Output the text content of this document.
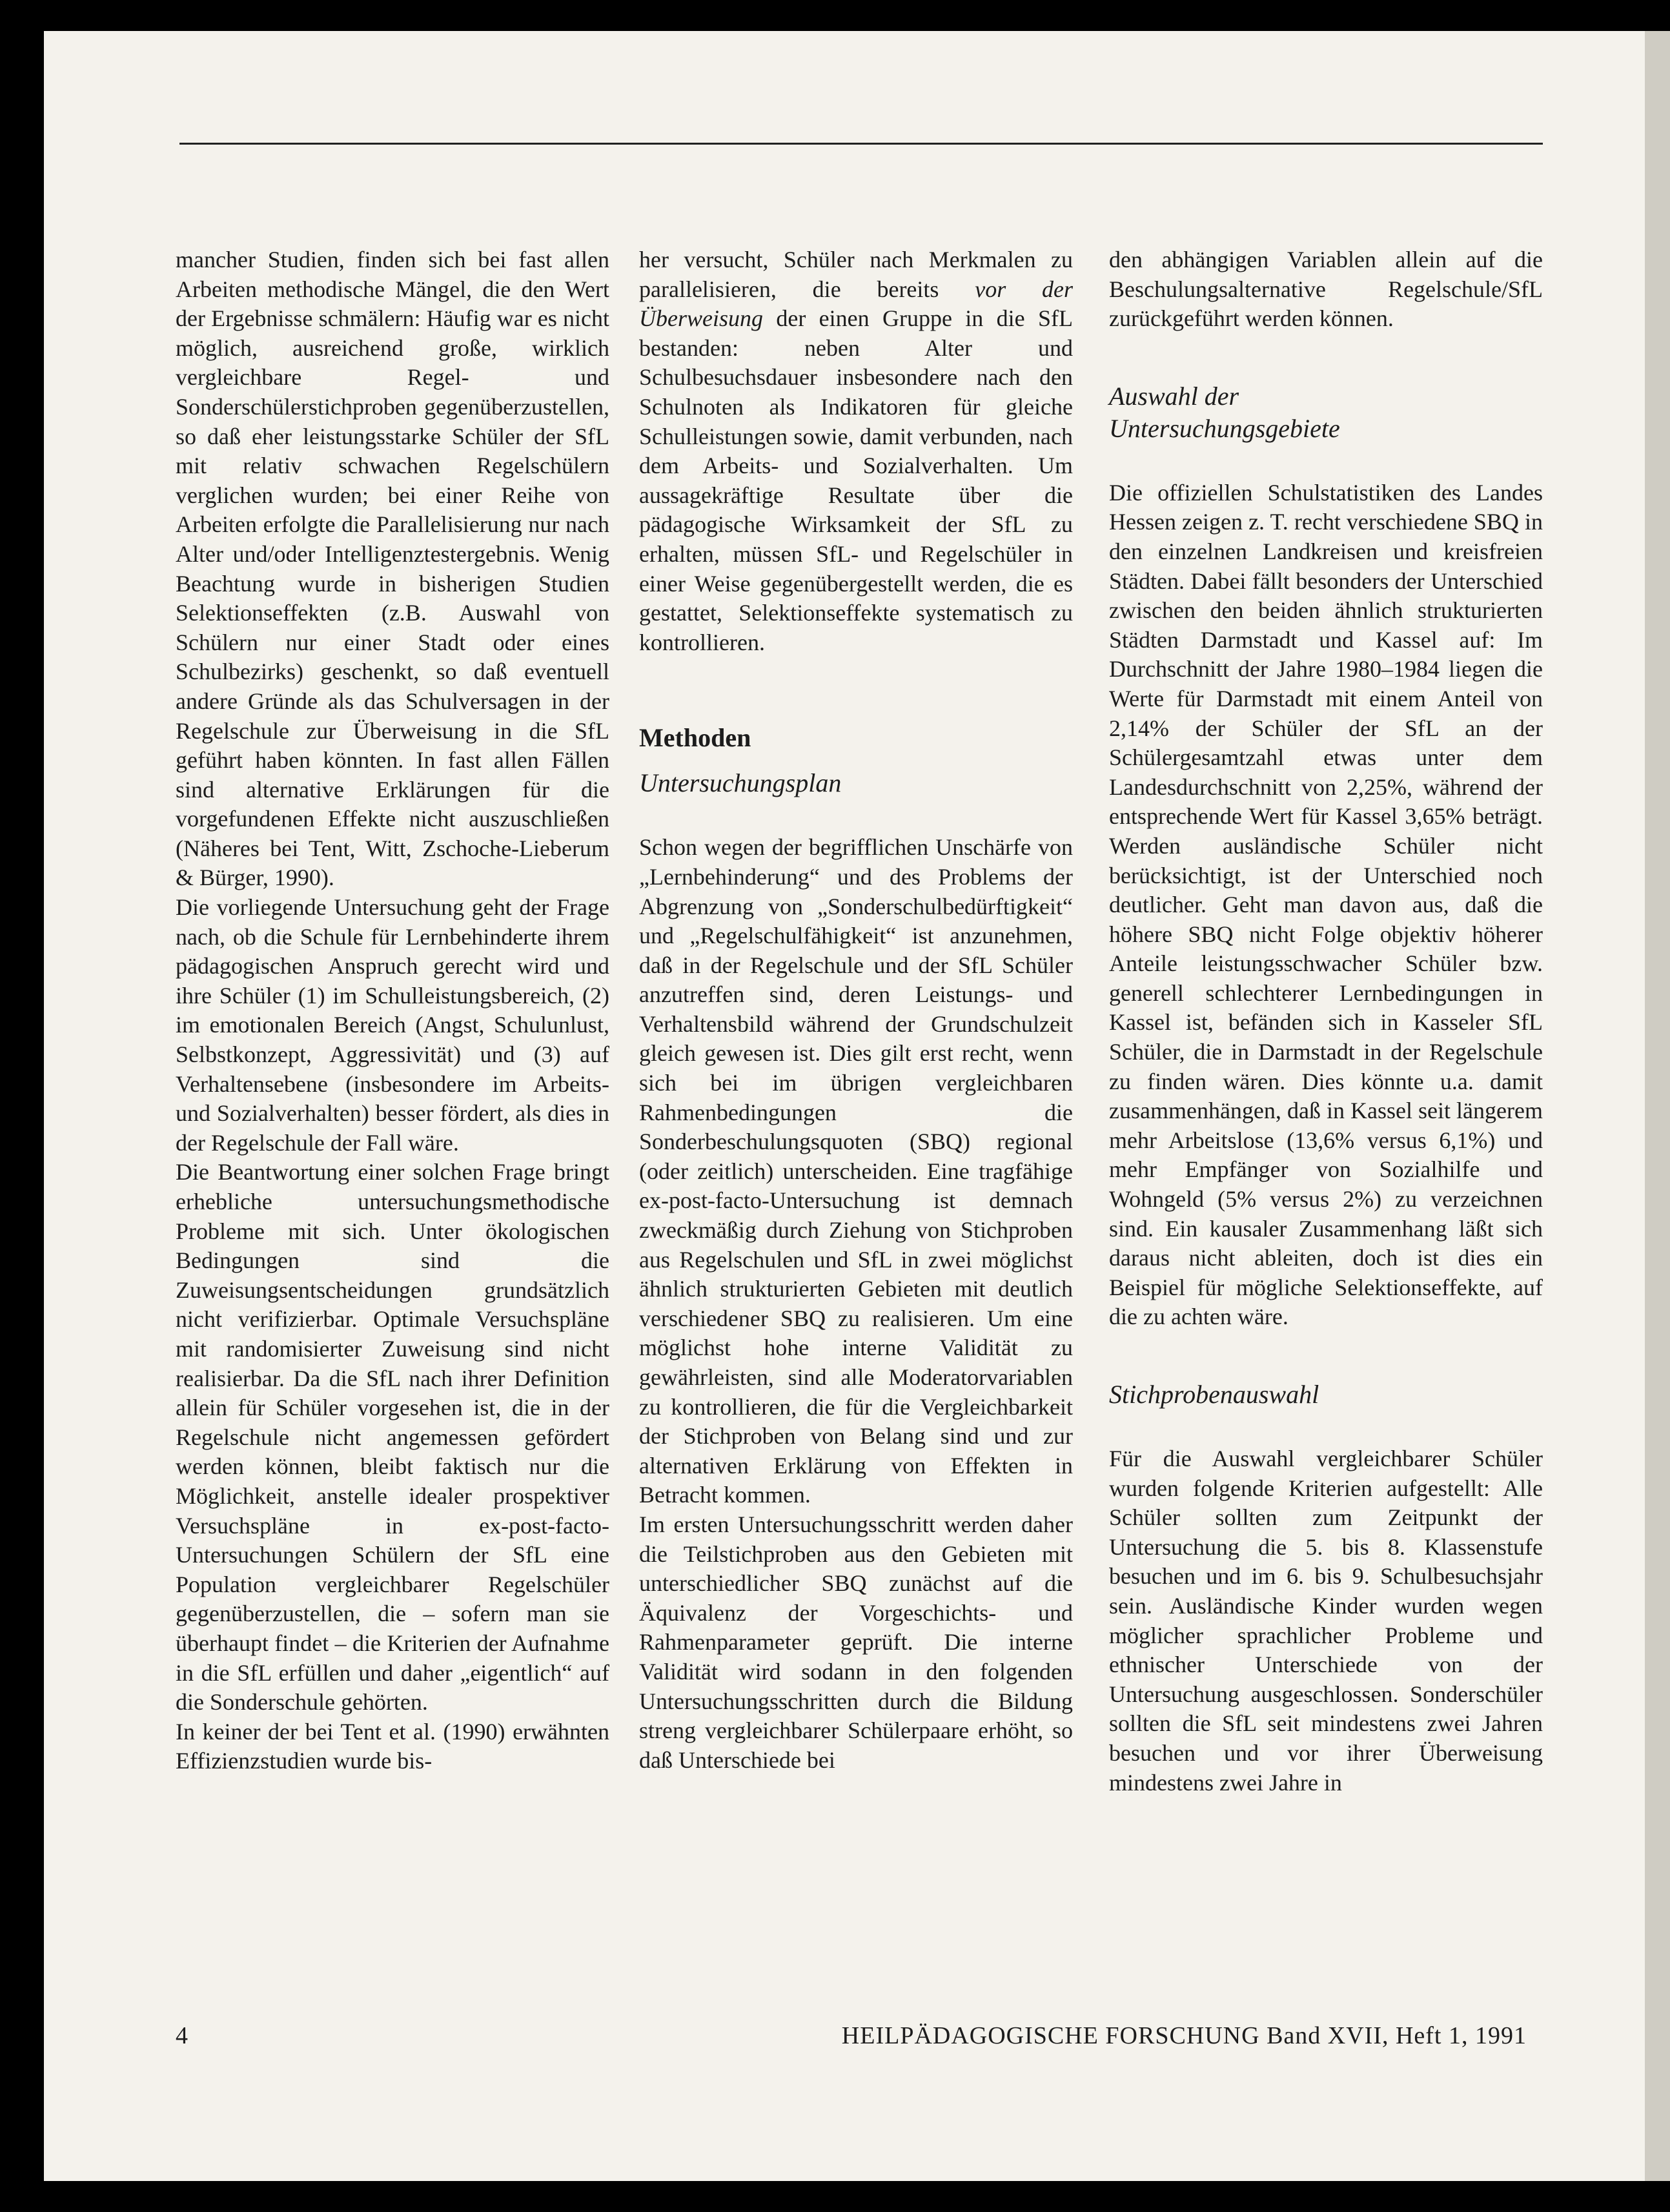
mancher Studien, finden sich bei fast allen Arbeiten methodische Mängel, die den Wert der Ergebnisse schmälern: Häufig war es nicht möglich, ausreichend große, wirklich vergleichbare Regel- und Sonderschülerstichproben gegenüberzustellen, so daß eher leistungsstarke Schüler der SfL mit relativ schwachen Regelschülern verglichen wurden; bei einer Reihe von Arbeiten erfolgte die Parallelisierung nur nach Alter und/oder Intelligenztestergebnis. Wenig Beachtung wurde in bisherigen Studien Selektionseffekten (z.B. Auswahl von Schülern nur einer Stadt oder eines Schulbezirks) geschenkt, so daß eventuell andere Gründe als das Schulversagen in der Regelschule zur Überweisung in die SfL geführt haben könnten. In fast allen Fällen sind alternative Erklärungen für die vorgefundenen Effekte nicht auszuschließen (Näheres bei Tent, Witt, Zschoche-Lieberum & Bürger, 1990).

Die vorliegende Untersuchung geht der Frage nach, ob die Schule für Lernbehinderte ihrem pädagogischen Anspruch gerecht wird und ihre Schüler (1) im Schulleistungsbereich, (2) im emotionalen Bereich (Angst, Schulunlust, Selbstkonzept, Aggressivität) und (3) auf Verhaltensebene (insbesondere im Arbeits- und Sozialverhalten) besser fördert, als dies in der Regelschule der Fall wäre.

Die Beantwortung einer solchen Frage bringt erhebliche untersuchungsmethodische Probleme mit sich. Unter ökologischen Bedingungen sind die Zuweisungsentscheidungen grundsätzlich nicht verifizierbar. Optimale Versuchspläne mit randomisierter Zuweisung sind nicht realisierbar. Da die SfL nach ihrer Definition allein für Schüler vorgesehen ist, die in der Regelschule nicht angemessen gefördert werden können, bleibt faktisch nur die Möglichkeit, anstelle idealer prospektiver Versuchspläne in ex-post-facto-Untersuchungen Schülern der SfL eine Population vergleichbarer Regelschüler gegenüberzustellen, die – sofern man sie überhaupt findet – die Kriterien der Aufnahme in die SfL erfüllen und daher „eigentlich“ auf die Sonderschule gehörten.

In keiner der bei Tent et al. (1990) erwähnten Effizienzstudien wurde bis-

her versucht, Schüler nach Merkmalen zu parallelisieren, die bereits vor der Überweisung der einen Gruppe in die SfL bestanden: neben Alter und Schulbesuchsdauer insbesondere nach den Schulnoten als Indikatoren für gleiche Schulleistungen sowie, damit verbunden, nach dem Arbeits- und Sozialverhalten. Um aussagekräftige Resultate über die pädagogische Wirksamkeit der SfL zu erhalten, müssen SfL- und Regelschüler in einer Weise gegenübergestellt werden, die es gestattet, Selektionseffekte systematisch zu kontrollieren.

Methoden
Untersuchungsplan

Schon wegen der begrifflichen Unschärfe von „Lernbehinderung“ und des Problems der Abgrenzung von „Sonderschulbedürftigkeit“ und „Regelschulfähigkeit“ ist anzunehmen, daß in der Regelschule und der SfL Schüler anzutreffen sind, deren Leistungs- und Verhaltensbild während der Grundschulzeit gleich gewesen ist. Dies gilt erst recht, wenn sich bei im übrigen vergleichbaren Rahmenbedingungen die Sonderbeschulungsquoten (SBQ) regional (oder zeitlich) unterscheiden. Eine tragfähige ex-post-facto-Untersuchung ist demnach zweckmäßig durch Ziehung von Stichproben aus Regelschulen und SfL in zwei möglichst ähnlich strukturierten Gebieten mit deutlich verschiedener SBQ zu realisieren. Um eine möglichst hohe interne Validität zu gewährleisten, sind alle Moderatorvariablen zu kontrollieren, die für die Vergleichbarkeit der Stichproben von Belang sind und zur alternativen Erklärung von Effekten in Betracht kommen.

Im ersten Untersuchungsschritt werden daher die Teilstichproben aus den Gebieten mit unterschiedlicher SBQ zunächst auf die Äquivalenz der Vorgeschichts- und Rahmenparameter geprüft. Die interne Validität wird sodann in den folgenden Untersuchungsschritten durch die Bildung streng vergleichbarer Schülerpaare erhöht, so daß Unterschiede bei

den abhängigen Variablen allein auf die Beschulungsalternative Regelschule/SfL zurückgeführt werden können.

Auswahl der
Untersuchungsgebiete

Die offiziellen Schulstatistiken des Landes Hessen zeigen z. T. recht verschiedene SBQ in den einzelnen Landkreisen und kreisfreien Städten. Dabei fällt besonders der Unterschied zwischen den beiden ähnlich strukturierten Städten Darmstadt und Kassel auf: Im Durchschnitt der Jahre 1980–1984 liegen die Werte für Darmstadt mit einem Anteil von 2,14% der Schüler der SfL an der Schülergesamtzahl etwas unter dem Landesdurchschnitt von 2,25%, während der entsprechende Wert für Kassel 3,65% beträgt. Werden ausländische Schüler nicht berücksichtigt, ist der Unterschied noch deutlicher. Geht man davon aus, daß die höhere SBQ nicht Folge objektiv höherer Anteile leistungsschwacher Schüler bzw. generell schlechterer Lernbedingungen in Kassel ist, befänden sich in Kasseler SfL Schüler, die in Darmstadt in der Regelschule zu finden wären. Dies könnte u.a. damit zusammenhängen, daß in Kassel seit längerem mehr Arbeitslose (13,6% versus 6,1%) und mehr Empfänger von Sozialhilfe und Wohngeld (5% versus 2%) zu verzeichnen sind. Ein kausaler Zusammenhang läßt sich daraus nicht ableiten, doch ist dies ein Beispiel für mögliche Selektionseffekte, auf die zu achten wäre.

Stichprobenauswahl

Für die Auswahl vergleichbarer Schüler wurden folgende Kriterien aufgestellt: Alle Schüler sollten zum Zeitpunkt der Untersuchung die 5. bis 8. Klassenstufe besuchen und im 6. bis 9. Schulbesuchsjahr sein. Ausländische Kinder wurden wegen möglicher sprachlicher Probleme und ethnischer Unterschiede von der Untersuchung ausgeschlossen. Sonderschüler sollten die SfL seit mindestens zwei Jahren besuchen und vor ihrer Überweisung mindestens zwei Jahre in

4	HEILPÄDAGOGISCHE FORSCHUNG Band XVII, Heft 1, 1991
